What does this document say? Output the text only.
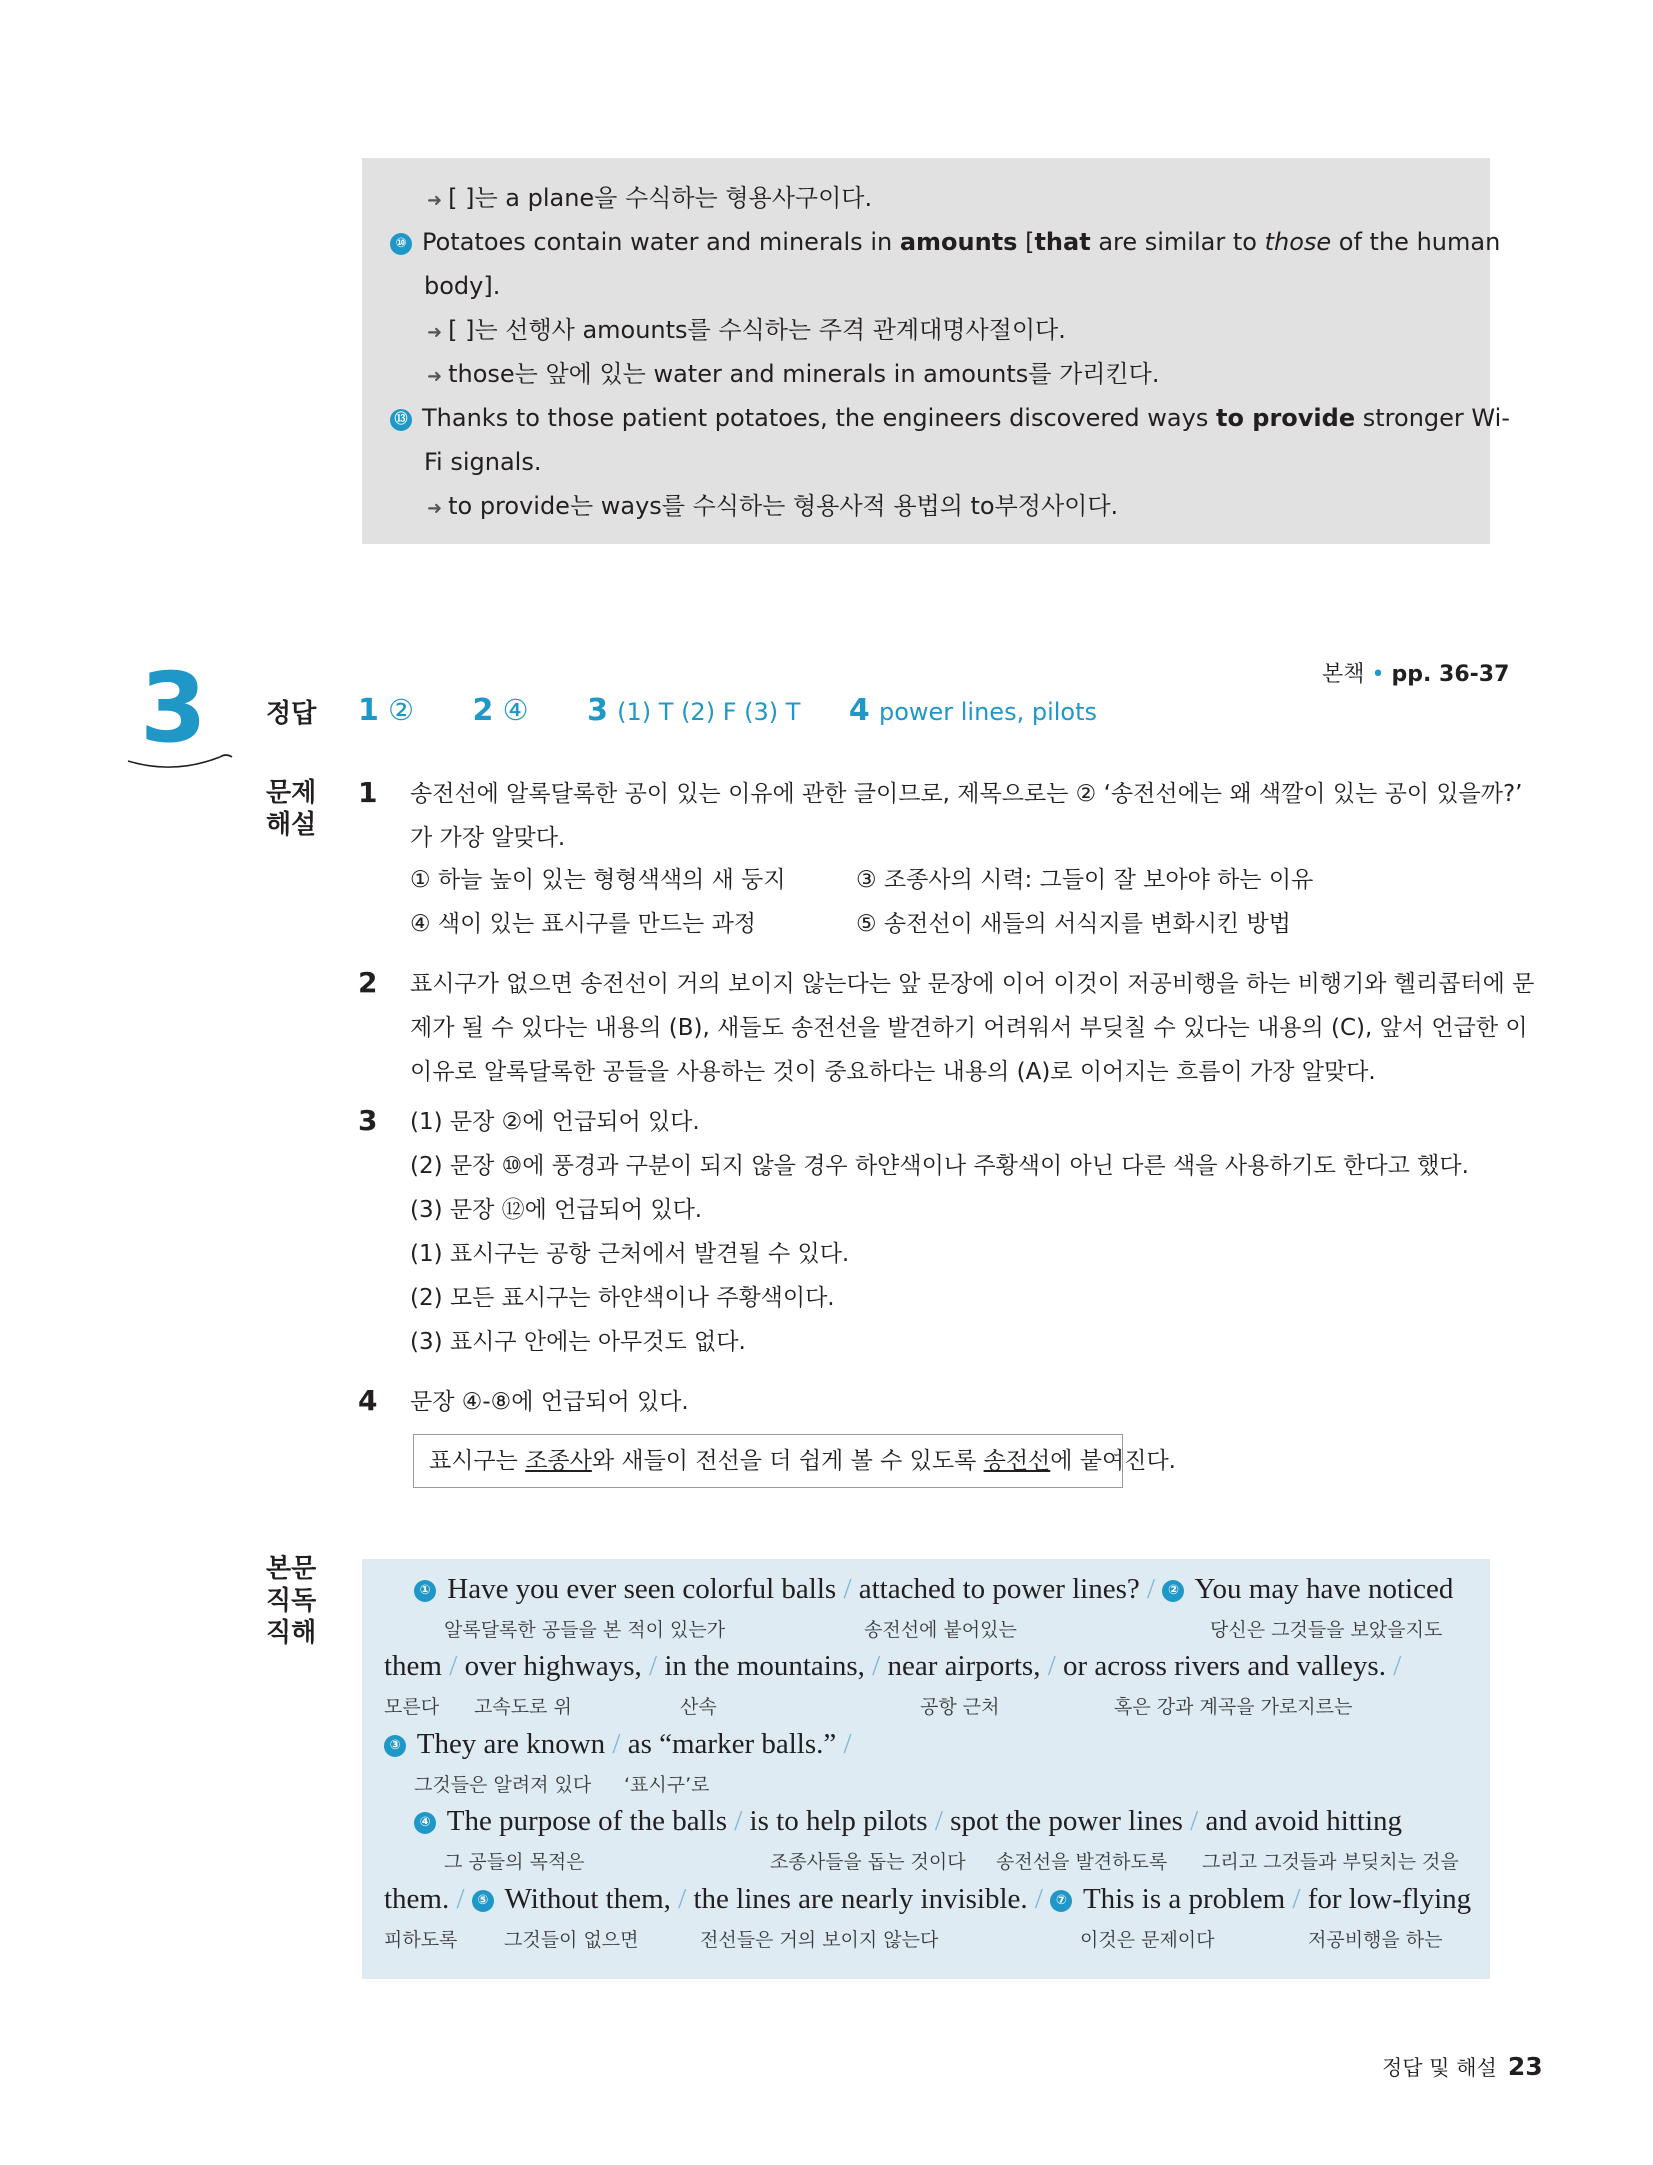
➜ [ ]는 a plane을 수식하는 형용사구이다.
⑩ Potatoes contain water and minerals in amounts [that are similar to those of the human
body].
➜ [ ]는 선행사 amounts를 수식하는 주격 관계대명사절이다.
➜ those는 앞에 있는 water and minerals in amounts를 가리킨다.
⑬ Thanks to those patient potatoes, the engineers discovered ways to provide stronger Wi-
Fi signals.
➜ to provide는 ways를 수식하는 형용사적 용법의 to부정사이다.
본책 • pp. 36-37
3 정답 1 ② 2 ④ 3 (1) T (2) F (3) T 4 power lines, pilots
문제
해설
1 송전선에 알록달록한 공이 있는 이유에 관한 글이므로, 제목으로는 ② ‘송전선에는 왜 색깔이 있는 공이 있을까?’
가 가장 알맞다.
① 하늘 높이 있는 형형색색의 새 둥지	③ 조종사의 시력: 그들이 잘 보아야 하는 이유
④ 색이 있는 표시구를 만드는 과정	⑤ 송전선이 새들의 서식지를 변화시킨 방법
2 표시구가 없으면 송전선이 거의 보이지 않는다는 앞 문장에 이어 이것이 저공비행을 하는 비행기와 헬리콥터에 문
제가 될 수 있다는 내용의 (B), 새들도 송전선을 발견하기 어려워서 부딪칠 수 있다는 내용의 (C), 앞서 언급한 이
이유로 알록달록한 공들을 사용하는 것이 중요하다는 내용의 (A)로 이어지는 흐름이 가장 알맞다.
3 (1) 문장 ②에 언급되어 있다.
(2) 문장 ⑩에 풍경과 구분이 되지 않을 경우 하얀색이나 주황색이 아닌 다른 색을 사용하기도 한다고 했다.
(3) 문장 ⑫에 언급되어 있다.
(1) 표시구는 공항 근처에서 발견될 수 있다.
(2) 모든 표시구는 하얀색이나 주황색이다.
(3) 표시구 안에는 아무것도 없다.
4 문장 ④-⑧에 언급되어 있다.
표시구는 조종사와 새들이 전선을 더 쉽게 볼 수 있도록 송전선에 붙여진다.
본문
직독
직해
① Have you ever seen colorful balls / attached to power lines? / ② You may have noticed
알록달록한 공들을 본 적이 있는가	송전선에 붙어있는	당신은 그것들을 보았을지도
them / over highways, / in the mountains, / near airports, / or across rivers and valleys. /
모른다 고속도로 위	산속	공항 근처	혹은 강과 계곡을 가로지르는
③ They are known / as “marker balls.” /
그것들은 알려져 있다 ‘표시구’로
④ The purpose of the balls / is to help pilots / spot the power lines / and avoid hitting
그 공들의 목적은	조종사들을 돕는 것이다 송전선을 발견하도록 그리고 그것들과 부딪치는 것을
them. / ⑤ Without them, / the lines are nearly invisible. / ⑦ This is a problem / for low-flying
피하도록 그것들이 없으면	전선들은 거의 보이지 않는다	이것은 문제이다	저공비행을 하는
정답 및 해설 23
